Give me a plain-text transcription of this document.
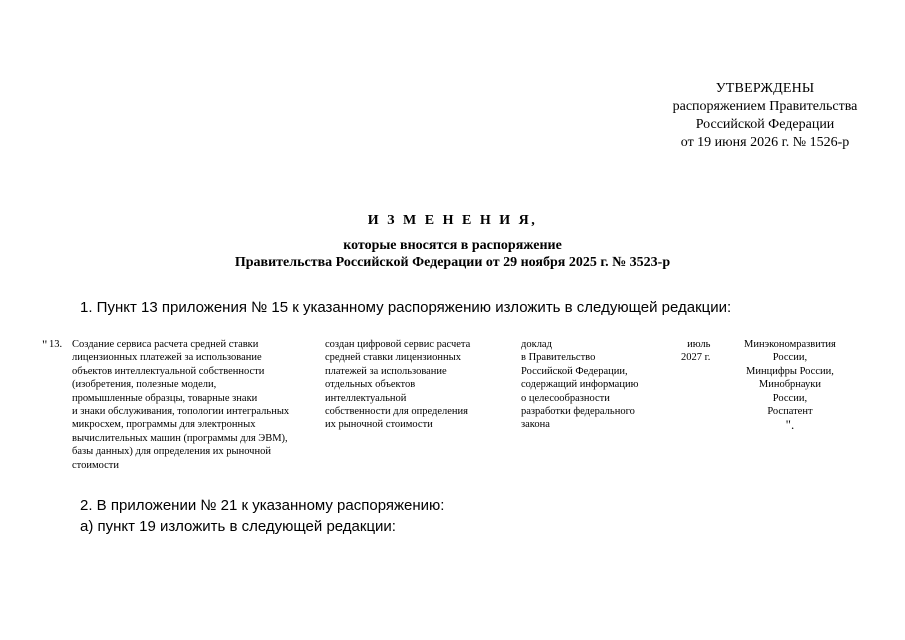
УТВЕРЖДЕНЫ
распоряжением Правительства
Российской Федерации
от 19 июня 2026 г. № 1526-р
И З М Е Н Е Н И Я,
которые вносятся в распоряжение
Правительства Российской Федерации от 29 ноября 2025 г. № 3523-р
1. Пункт 13 приложения № 15 к указанному распоряжению изложить в следующей редакции:
" 13. Создание сервиса расчета средней ставки
лицензионных платежей за использование
объектов интеллектуальной собственности
(изобретения, полезные модели,
промышленные образцы, товарные знаки
и знаки обслуживания, топологии интегральных
микросхем, программы для электронных
вычислительных машин (программы для ЭВМ),
базы данных) для определения их рыночной
стоимости
создан цифровой сервис расчета
средней ставки лицензионных
платежей за использование
отдельных объектов
интеллектуальной
собственности для определения
их рыночной стоимости
доклад
в Правительство
Российской Федерации,
содержащий информацию
о целесообразности
разработки федерального
закона
июль
2027 г.
Минэкономразвития
России,
Минцифры России,
Минобрнауки
России,
Роспатент
".
2. В приложении № 21 к указанному распоряжению:
а) пункт 19 изложить в следующей редакции:
